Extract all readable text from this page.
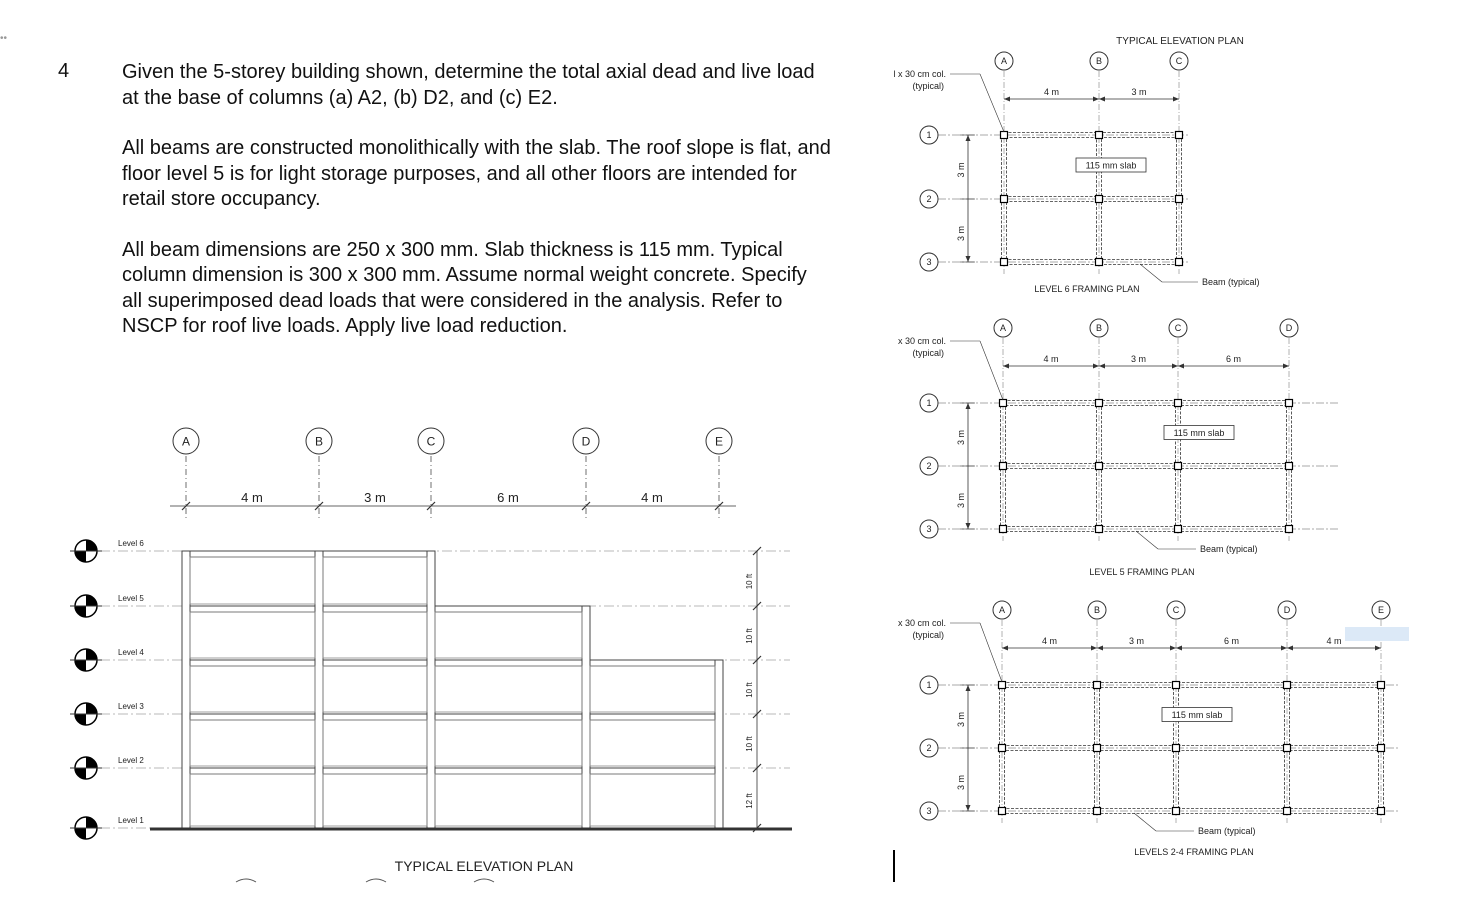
••
4	Given the 5-storey building shown, determine the total axial dead and live load at the base of columns (a) A2, (b) D2, and (c) E2.

All beams are constructed monolithically with the slab. The roof slope is flat, and floor level 5 is for light storage purposes, and all other floors are intended for retail store occupancy.

All beam dimensions are 250 x 300 mm. Slab thickness is 115 mm. Typical column dimension is 300 x 300 mm. Assume normal weight concrete. Specify all superimposed dead loads that were considered in the analysis. Refer to NSCP for roof live loads. Apply live load reduction.

A	B	C	D	E
4 m	3 m	6 m	4 m
Level 6
Level 5
Level 4
Level 3
Level 2
Level 1
10 ft
10 ft
10 ft
10 ft
12 ft
TYPICAL ELEVATION PLAN
TYPICAL ELEVATION PLAN
A	B	C
1
2
3
4 m	3 m
3 m
3 m
l x 30 cm col.
(typical)
115 mm slab
Beam (typical)
LEVEL 6 FRAMING PLAN
A	B	C	D
1
2
3
4 m	3 m	6 m
3 m
3 m
x 30 cm col.
(typical)
115 mm slab
Beam (typical)
LEVEL 5 FRAMING PLAN
A	B	C	D	E
1
2
3
4 m	3 m	6 m	4 m
3 m
3 m
x 30 cm col.
(typical)
115 mm slab
Beam (typical)
LEVELS 2-4 FRAMING PLAN
